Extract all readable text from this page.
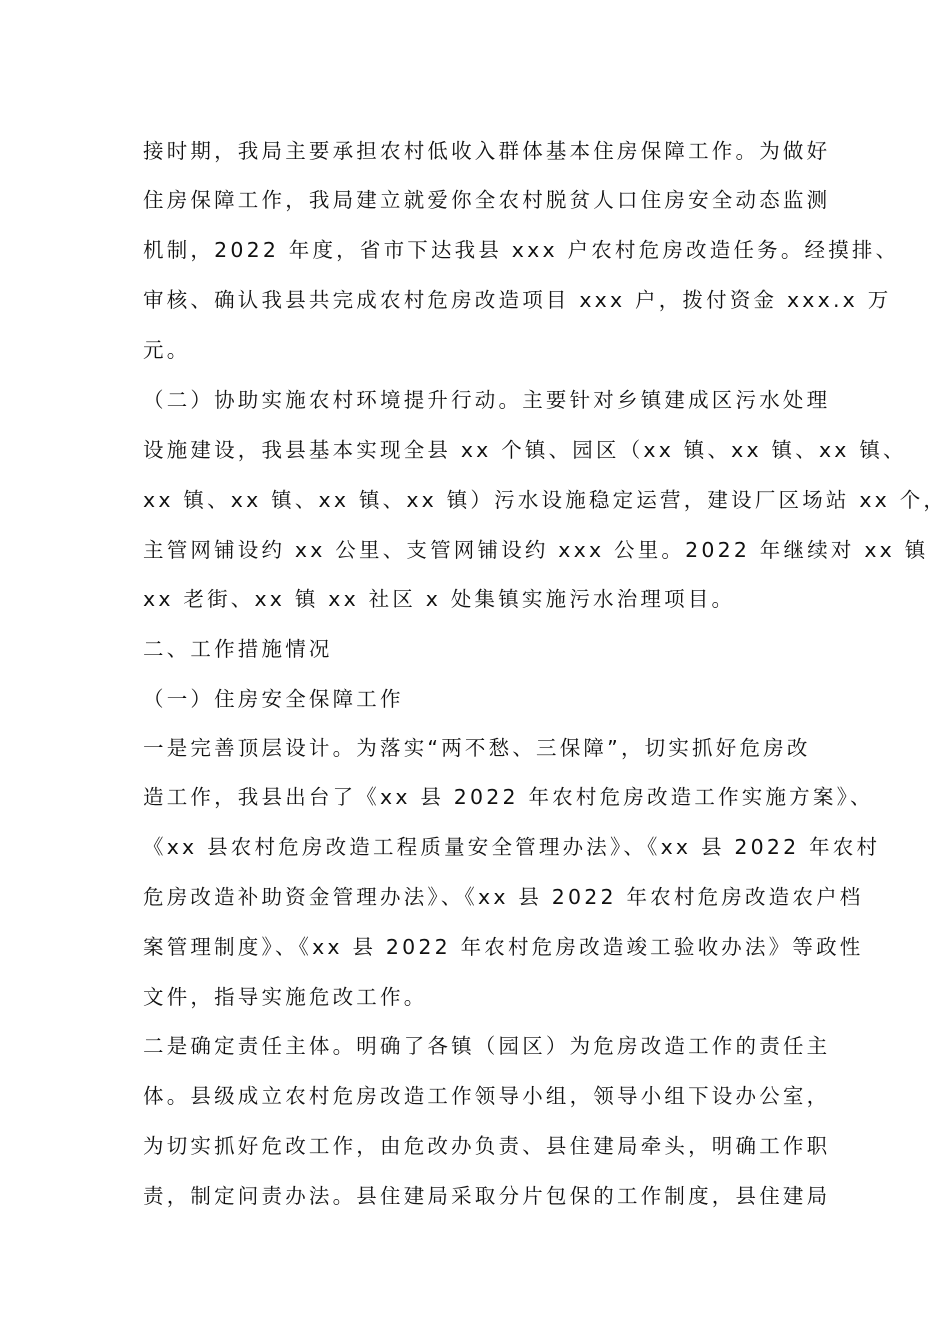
接时期，我局主要承担农村低收入群体基本住房保障工作。为做好
住房保障工作，我局建立就爱你全农村脱贫人口住房安全动态监测
机制，2022 年度，省市下达我县 xxx 户农村危房改造任务。经摸排、
审核、确认我县共完成农村危房改造项目 xxx 户，拨付资金 xxx.x 万
元。
（二）协助实施农村环境提升行动。主要针对乡镇建成区污水处理
设施建设，我县基本实现全县 xx 个镇、园区（xx 镇、xx 镇、xx 镇、
xx 镇、xx 镇、xx 镇、xx 镇）污水设施稳定运营，建设厂区场站 xx 个，
主管网铺设约 xx 公里、支管网铺设约 xxx 公里。2022 年继续对 xx 镇
xx 老街、xx 镇 xx 社区 x 处集镇实施污水治理项目。
二、工作措施情况
（一）住房安全保障工作
一是完善顶层设计。为落实“两不愁、三保障”，切实抓好危房改
造工作，我县出台了《xx 县 2022 年农村危房改造工作实施方案》、
《xx 县农村危房改造工程质量安全管理办法》、《xx 县 2022 年农村
危房改造补助资金管理办法》、《xx 县 2022 年农村危房改造农户档
案管理制度》、《xx 县 2022 年农村危房改造竣工验收办法》等政性
文件，指导实施危改工作。
二是确定责任主体。明确了各镇（园区）为危房改造工作的责任主
体。县级成立农村危房改造工作领导小组，领导小组下设办公室，
为切实抓好危改工作，由危改办负责、县住建局牵头，明确工作职
责，制定问责办法。县住建局采取分片包保的工作制度，县住建局
